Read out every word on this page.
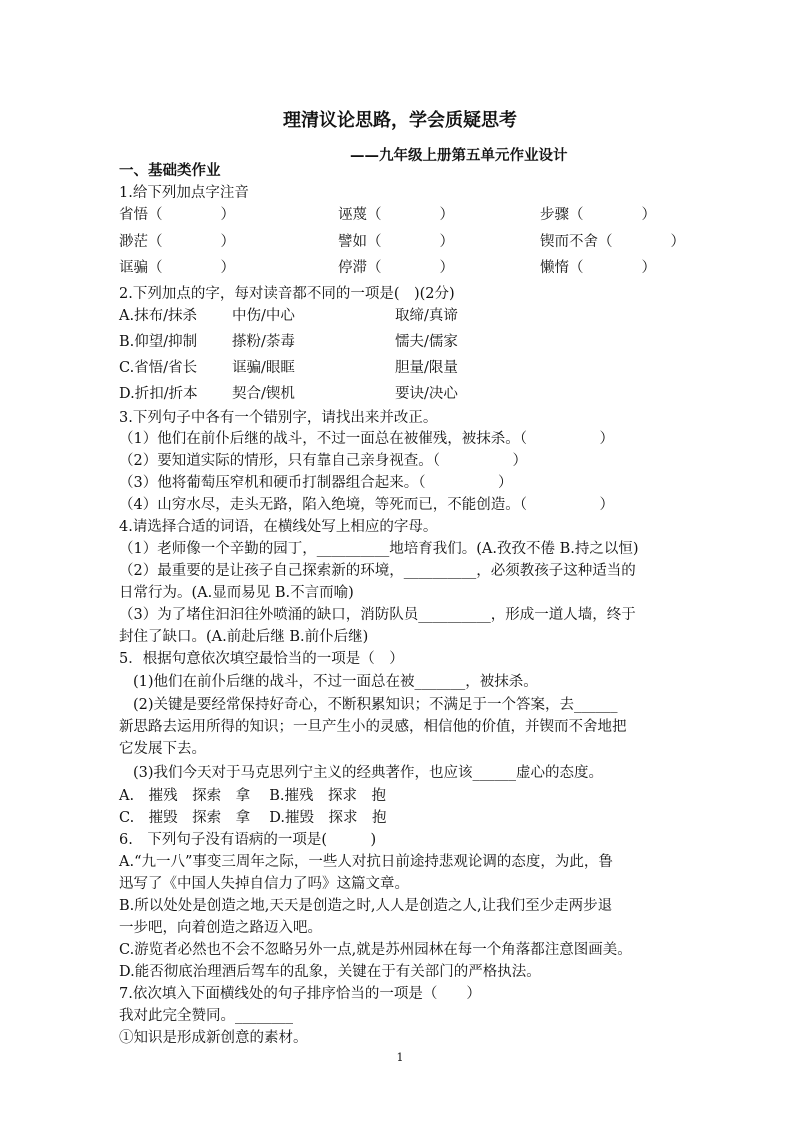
理清议论思路，学会质疑思考
——九年级上册第五单元作业设计
一、基础类作业
1.给下列加点字注音
省悟（　　　　）	诬蔑（　　　　）	步骤（　　　　）
渺茫（　　　　）	譬如（　　　　）	锲而不舍（　　　　）
诓骗（　　　　）	停滞（　　　　）	懒惰（　　　　）
2.下列加点的字，每对读音都不同的一项是(　)(2分)
A.抹布/抹杀 中伤/中心	取缔/真谛
B.仰望/抑制 搽粉/荼毒	懦夫/儒家
C.省悟/省长 诓骗/眼眶	胆量/限量
D.折扣/折本 契合/锲机	要诀/决心
3.下列句子中各有一个错别字，请找出来并改正。
（1）他们在前仆后继的战斗，不过一面总在被催残，被抹杀。（　　　　　）
（2）要知道实际的情形，只有靠自己亲身视查。（　　　　　）
（3）他将葡萄压窄机和硬币打制器组合起来。（　　　　　）
（4）山穷水尽，走头无路，陷入绝境，等死而已，不能创造。（　　　　　）
4.请选择合适的词语，在横线处写上相应的字母。
（1）老师像一个辛勤的园丁，__________地培育我们。(A.孜孜不倦 B.持之以恒)
（2）最重要的是让孩子自己探索新的环境，__________，必须教孩子这种适当的
日常行为。(A.显而易见 B.不言而喻)
（3）为了堵住汩汩往外喷涌的缺口，消防队员__________，形成一道人墙，终于
封住了缺口。(A.前赴后继 B.前仆后继)
5．根据句意依次填空最恰当的一项是（　）
(1)他们在前仆后继的战斗，不过一面总在被_______，被抹杀。
(2)关键是要经常保持好奇心，不断积累知识；不满足于一个答案，去______
新思路去运用所得的知识；一旦产生小的灵感，相信他的价值，并锲而不舍地把
它发展下去。
(3)我们今天对于马克思列宁主义的经典著作，也应该______虚心的态度。
A.　摧残　探索　拿　 B.摧残　探求　抱
C.　摧毁　探索　拿　 D.摧毁　探求　抱
6.　下列句子没有语病的一项是(　　　)
A.“九一八”事变三周年之际，一些人对抗日前途持悲观论调的态度，为此，鲁
迅写了《中国人失掉自信力了吗》这篇文章。
B.所以处处是创造之地,天天是创造之时,人人是创造之人,让我们至少走两步退
一步吧，向着创造之路迈入吧。
C.游览者必然也不会不忽略另外一点,就是苏州园林在每一个角落都注意图画美。
D.能否彻底治理酒后驾车的乱象，关键在于有关部门的严格执法。
7.依次填入下面横线处的句子排序恰当的一项是（　　）
我对此完全赞同。________
①知识是形成新创意的素材。
1
